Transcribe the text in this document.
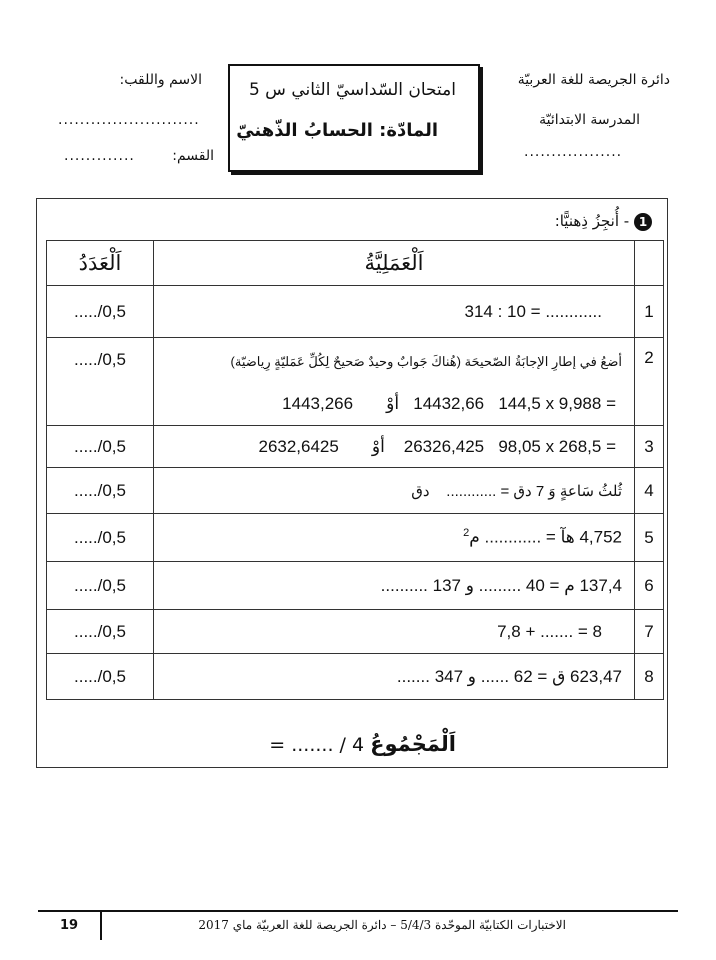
دائرة الجريصة للغة العربيّة
المدرسة الابتدائيّة
..................
امتحان السّداسيّ الثاني س 5
المادّة: الحسابُ الذّهنيّ
الاسم واللقب:
..........................
القسم:
.............
1 - أُنجِزُ ذِهنيًّا:
	اَلْعَمَلِيَّةُ	اَلْعَدَدُ
1	314 : 10 = ............	0,5/.....
2	أضعُ في إطارِ الإجابَةُ الصّحيحَة (هُناكَ جَوابٌ وحيدٌ صَحيحٌ لِكُلِّ عَمَليّةٍ رِياضيّة)
144,5 x 9,988 =   14432,66   أوْ       1443,266	0,5/.....
3	98,05 x 268,5 =   26326,425    أوْ       2632,6425	0,5/.....
4	ثُلثُ سَاعةٍ وَ 7 دق = ............    دق	0,5/.....
5	4,752 هآ = ............ م$^2$	0,5/.....
6	137,4 م = 40 ......... و 137 ..........	0,5/.....
7	7,8 + ....... = 8	0,5/.....
8	623,47 ق = 62 ...... و 347 .......	0,5/.....
اَلْمَجْمُوعُ = ....... / 4
19	الاختبارات الكتابيّة الموحّدة 5/4/3 – دائرة الجريصة للغة العربيّة ماي 2017
